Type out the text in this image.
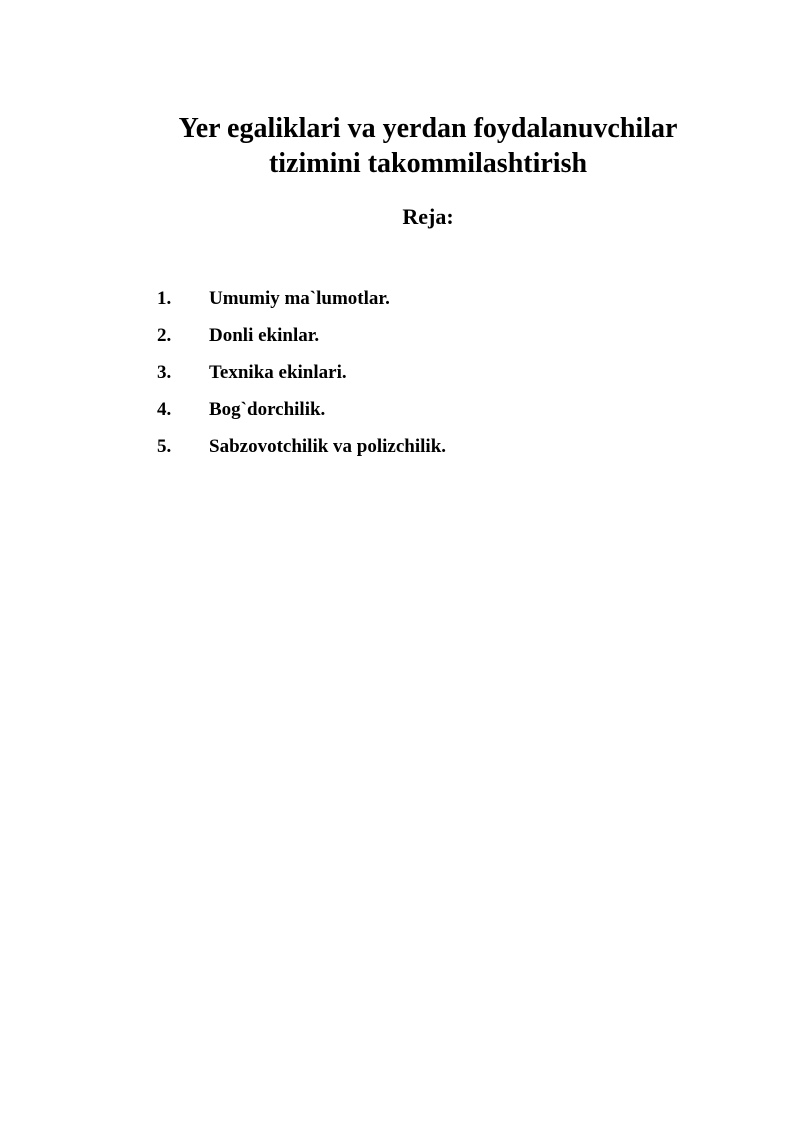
Yer egaliklari va yerdan foydalanuvchilar
tizimini takommilashtirish
Reja:
1.	Umumiy ma`lumotlar.
2.	Donli ekinlar.
3.	Texnika ekinlari.
4.	Bog`dorchilik.
5.	Sabzovotchilik va polizchilik.
